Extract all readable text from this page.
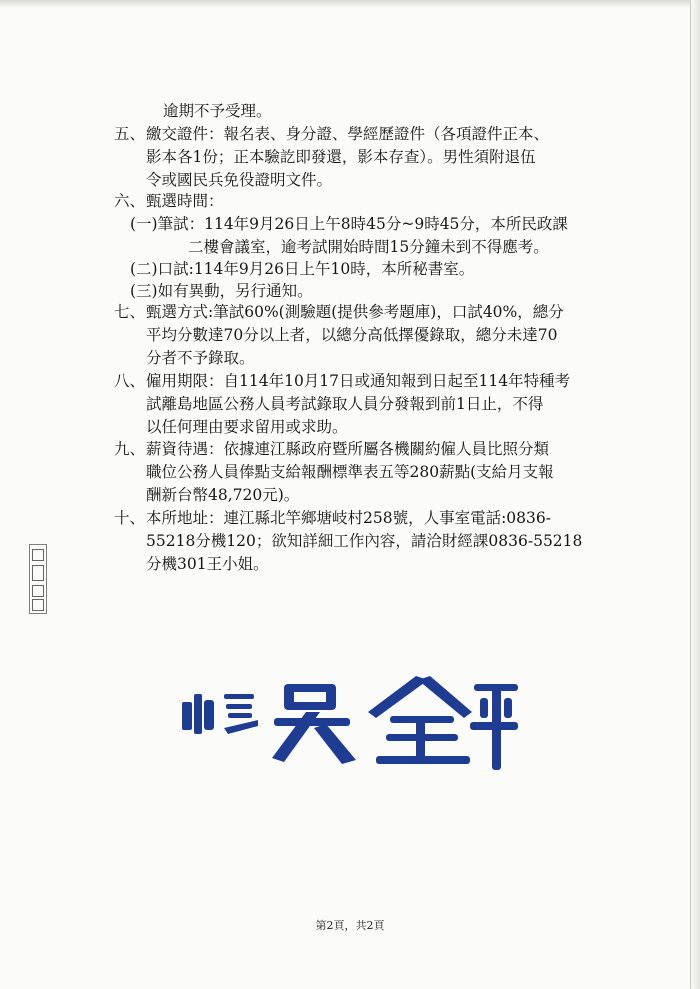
逾期不予受理。
五、 繳交證件：報名表、身分證、學經歷證件（各項證件正本、
影本各1份；正本驗訖即發還，影本存查）。男性須附退伍
令或國民兵免役證明文件。
六、 甄選時間：
(一)筆試：114年9月26日上午8時45分~9時45分，本所民政課
二樓會議室，逾考試開始時間15分鐘未到不得應考。
(二)口試:114年9月26日上午10時，本所秘書室。
(三)如有異動，另行通知。
七、 甄選方式:筆試60%(測驗題(提供參考題庫)，口試40%，總分
平均分數達70分以上者，以總分高低擇優錄取，總分未達70
分者不予錄取。
八、 僱用期限：自114年10月17日或通知報到日起至114年特種考
試離島地區公務人員考試錄取人員分發報到前1日止，不得
以任何理由要求留用或求助。
九、 薪資待遇：依據連江縣政府暨所屬各機關約僱人員比照分類
職位公務人員俸點支給報酬標準表五等280薪點(支給月支報
酬新台幣48,720元)。
十、 本所地址：連江縣北竿鄉塘岐村258號，人事室電話:0836-
55218分機120；欲知詳細工作內容，請洽財經課0836-55218
分機301王小姐。
第2頁，共2頁
